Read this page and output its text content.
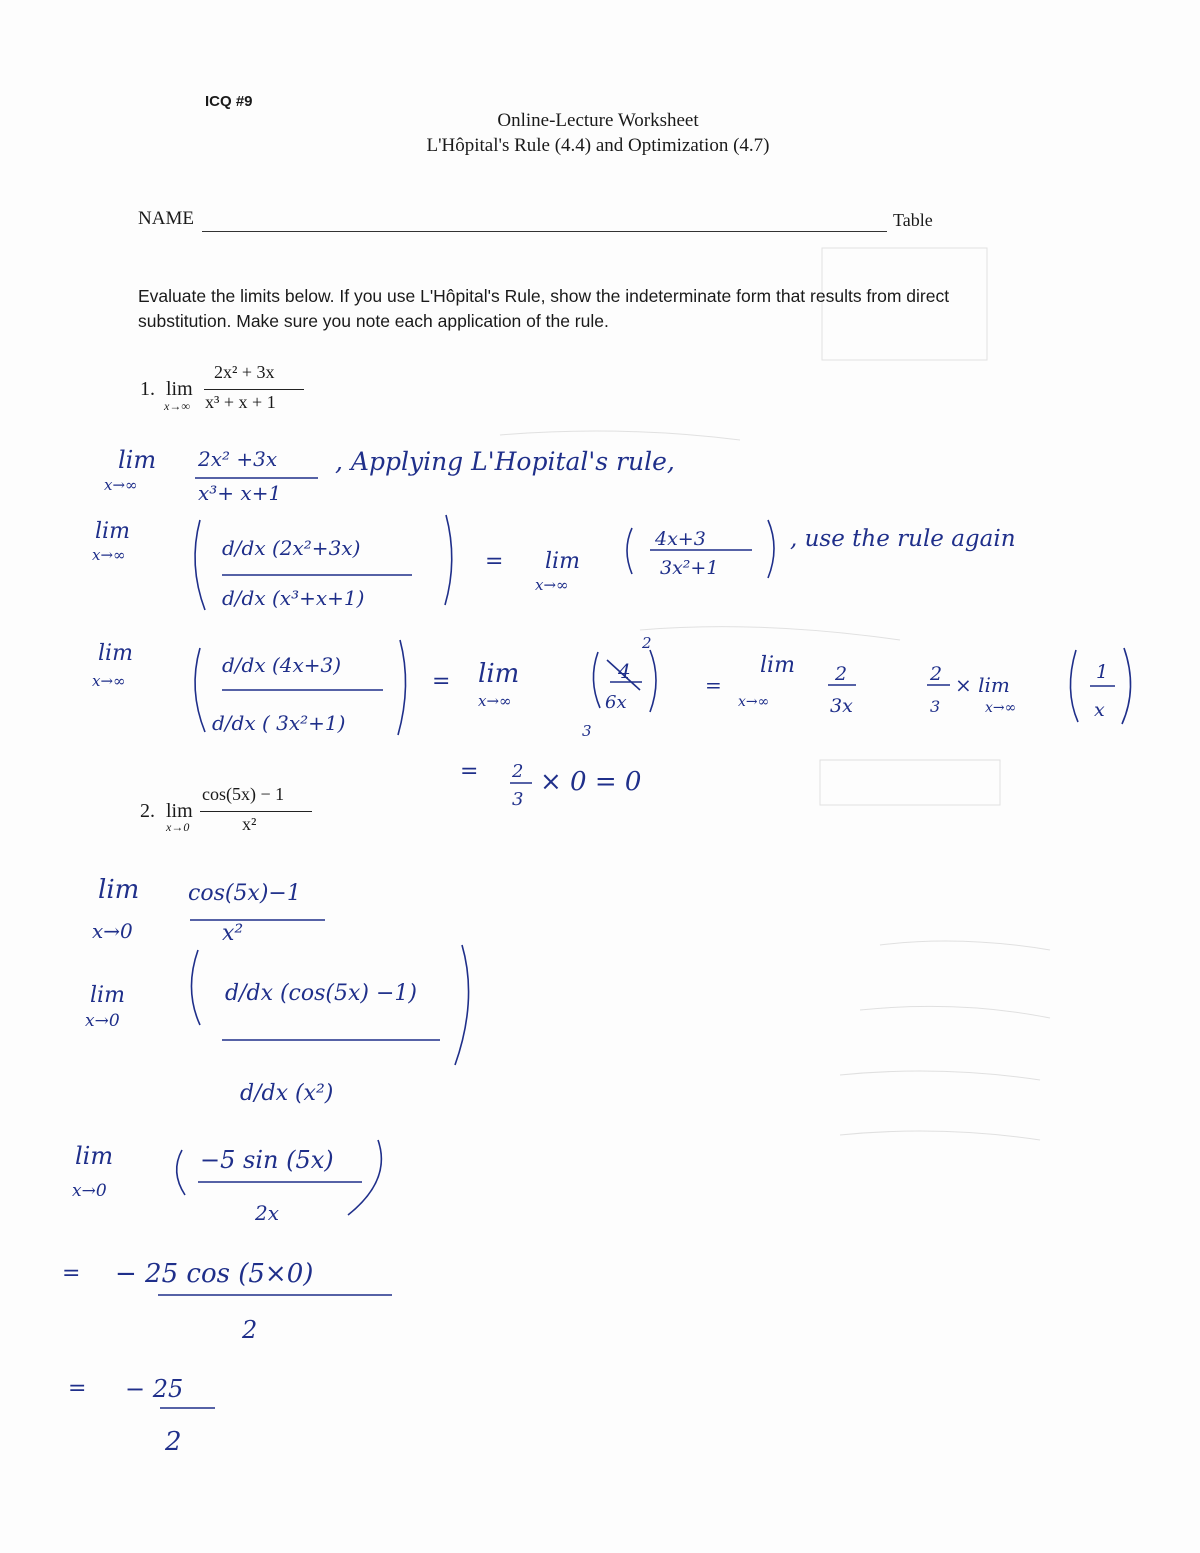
ICQ #9
Online-Lecture Worksheet
L'Hôpital's Rule (4.4) and Optimization (4.7)
NAME	Table
Evaluate the limits below. If you use L'Hôpital's Rule, show the indeterminate form that results from direct substitution. Make sure you note each application of the rule.
1. lim
x→∞
2x² + 3x
x³ + x + 1
2. lim
x→0
cos(5x) − 1
x²
lim
x→∞
2x² +3x
x³+ x+1
, Applying L'Hopital's rule,
lim
x→∞	d/dx (2x²+3x)
d/dx (x³+x+1)
= lim
x→∞
4x+3
3x²+1
, use the rule again
lim
x→∞
d/dx (4x+3)
d/dx ( 3x²+1)
= lim
x→∞
4
6x
2
3
=
lim
x→∞
2
3x
2
3
× lim
x→∞
1
x
= 2
3
× 0 = 0
lim
x→0
cos(5x)−1
x²
lim
x→0
d/dx (cos(5x) −1)
d/dx (x²)
lim
x→0
−5 sin (5x)
2x
= − 25 cos (5×0)
2
= − 25
2
